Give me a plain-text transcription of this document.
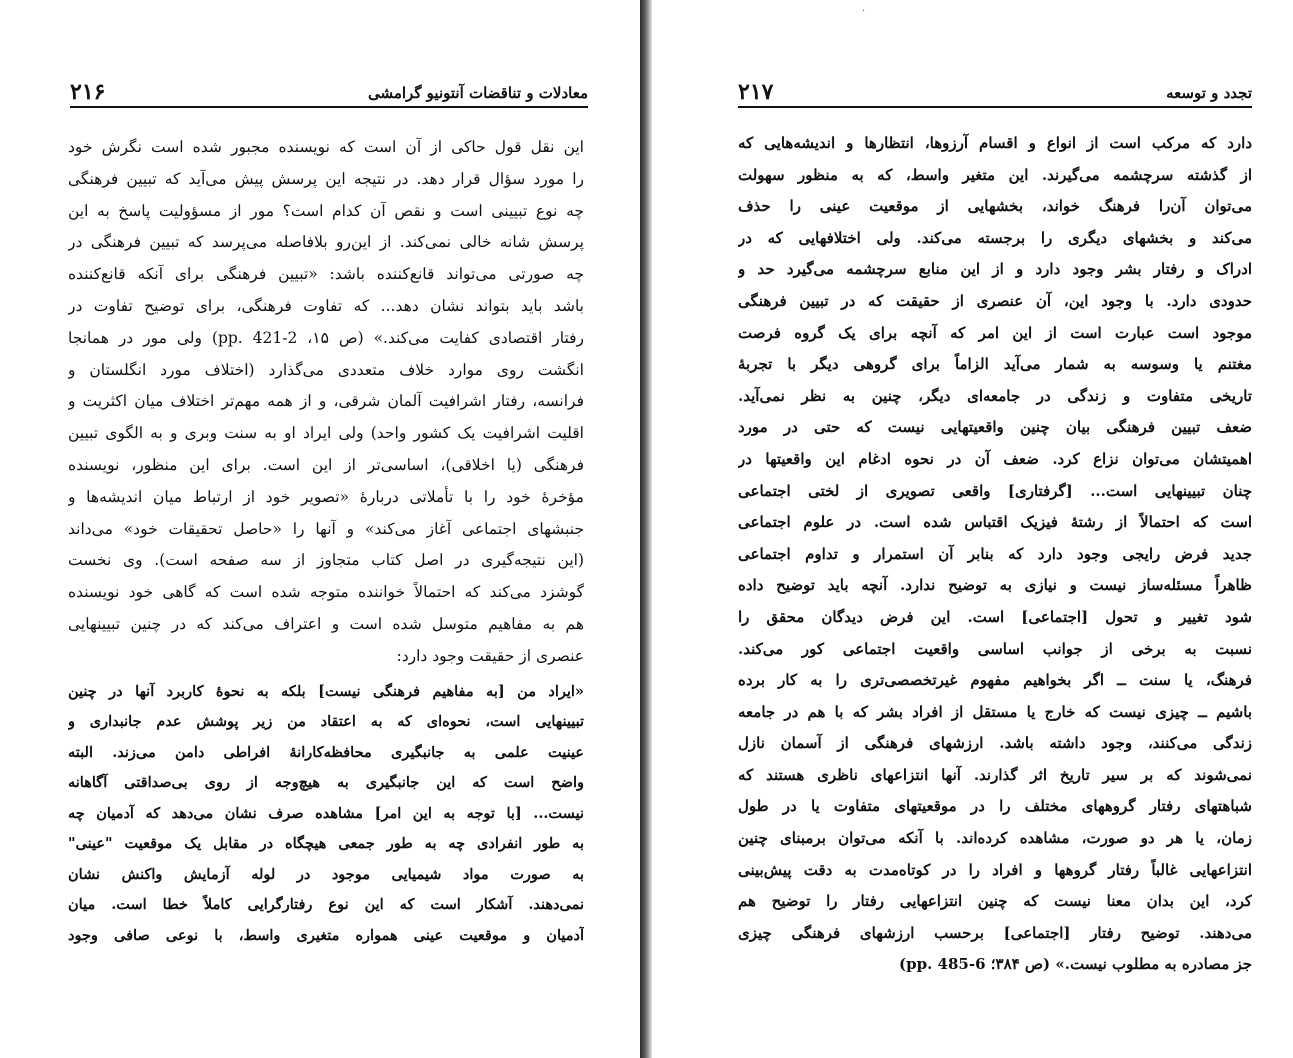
۲۱۶	معادلات و تناقضات آنتونیو گرامشی
این نقل قول حاکی از آن است که نویسنده مجبور شده است نگرش خود
را مورد سؤال قرار دهد. در نتیجه این پرسش پیش می‌آید که تبیین فرهنگی
چه نوع تبیینی است و نقص آن کدام است؟ مور از مسؤولیت پاسخ به این
پرسش شانه خالی نمی‌کند. از این‌رو بلافاصله می‌پرسد که تبیین فرهنگی در
چه صورتی می‌تواند قانع‌کننده باشد: «تبیین فرهنگی برای آنکه قانع‌کننده
باشد باید بتواند نشان دهد... که تفاوت فرهنگی، برای توضیح تفاوت در
رفتار اقتصادی کفایت می‌کند.» (ص ۱۵، pp. 421-2) ولی مور در همانجا
انگشت روی موارد خلاف متعددی می‌گذارد (اختلاف مورد انگلستان و
فرانسه، رفتار اشرافیت آلمان شرقی، و از همه مهم‌تر اختلاف میان اکثریت و
اقلیت اشرافیت یک کشور واحد) ولی ایراد او به سنت وبری و به الگوی تبیین
فرهنگی (یا اخلاقی)، اساسی‌تر از این است. برای این منظور، نویسنده
مؤخرهٔ خود را با تأملاتی دربارهٔ «تصویر خود از ارتباط میان اندیشه‌ها و
جنبشهای اجتماعی آغاز می‌کند» و آنها را «حاصل تحقیقات خود» می‌داند
(این نتیجه‌گیری در اصل کتاب متجاوز از سه صفحه است). وی نخست
گوشزد می‌کند که احتمالاً خواننده متوجه شده است که گاهی خود نویسنده
هم به مفاهیم متوسل شده است و اعتراف می‌کند که در چنین تبیینهایی
عنصری از حقیقت وجود دارد:
«ایراد من [به مفاهیم فرهنگی نیست] بلکه به نحوهٔ کاربرد آنها در چنین
تبیینهایی است، نحوه‌ای که به اعتقاد من زیر پوشش عدم جانبداری و
عینیت علمی به جانبگیری محافظه‌کارانهٔ افراطی دامن می‌زند. البته
واضح است که این جانبگیری به هیچ‌وجه از روی بی‌صداقتی آگاهانه
نیست... [با توجه به این امر] مشاهده صرف نشان می‌دهد که آدمیان چه
به طور انفرادی چه به طور جمعی هیچگاه در مقابل یک موقعیت "عینی"
به صورت مواد شیمیایی موجود در لوله آزمایش واکنش نشان
نمی‌دهند. آشکار است که این نوع رفتارگرایی کاملاً خطا است. میان
آدمیان و موقعیت عینی همواره متغیری واسط، با نوعی صافی وجود
·
۲۱۷	تجدد و توسعه
دارد که مرکب است از انواع و اقسام آرزوها، انتظارها و اندیشه‌هایی که
از گذشته سرچشمه می‌گیرند. این متغیر واسط، که به منظور سهولت
می‌توان آن‌را فرهنگ خواند، بخشهایی از موقعیت عینی را حذف
می‌کند و بخشهای دیگری را برجسته می‌کند. ولی اختلافهایی که در
ادراک و رفتار بشر وجود دارد و از این منابع سرچشمه می‌گیرد حد و
حدودی دارد. با وجود این، آن عنصری از حقیقت که در تبیین فرهنگی
موجود است عبارت است از این امر که آنچه برای یک گروه فرصت
مغتنم یا وسوسه به شمار می‌آید الزاماً برای گروهی دیگر با تجربهٔ
تاریخی متفاوت و زندگی در جامعه‌ای دیگر، چنین به نظر نمی‌آید.
ضعف تبیین فرهنگی بیان چنین واقعیتهایی نیست که حتی در مورد
اهمیتشان می‌توان نزاع کرد. ضعف آن در نحوه ادغام این واقعیتها در
چنان تبیینهایی است... [گرفتاری] واقعی تصویری از لختی اجتماعی
است که احتمالاً از رشتهٔ فیزیک اقتباس شده است. در علوم اجتماعی
جدید فرض رایجی وجود دارد که بنابر آن استمرار و تداوم اجتماعی
ظاهراً مسئله‌ساز نیست و نیازی به توضیح ندارد. آنچه باید توضیح داده
شود تغییر و تحول [اجتماعی] است. این فرض دیدگان محقق را
نسبت به برخی از جوانب اساسی واقعیت اجتماعی کور می‌کند.
فرهنگ، یا سنت ــ اگر بخواهیم مفهوم غیرتخصصی‌تری را به کار برده
باشیم ــ چیزی نیست که خارج یا مستقل از افراد بشر که با هم در جامعه
زندگی می‌کنند، وجود داشته باشد. ارزشهای فرهنگی از آسمان نازل
نمی‌شوند که بر سیر تاریخ اثر گذارند. آنها انتزاعهای ناظری هستند که
شباهتهای رفتار گروههای مختلف را در موقعیتهای متفاوت یا در طول
زمان، یا هر دو صورت، مشاهده کرده‌اند. با آنکه می‌توان برمبنای چنین
انتزاعهایی غالباً رفتار گروهها و افراد را در کوتاه‌مدت به دقت پیش‌بینی
کرد، این بدان معنا نیست که چنین انتزاعهایی رفتار را توضیح هم
می‌دهند. توضیح رفتار [اجتماعی] برحسب ارزشهای فرهنگی چیزی
جز مصادره به مطلوب نیست.» (ص ۳۸۴؛ pp. 485-6)
